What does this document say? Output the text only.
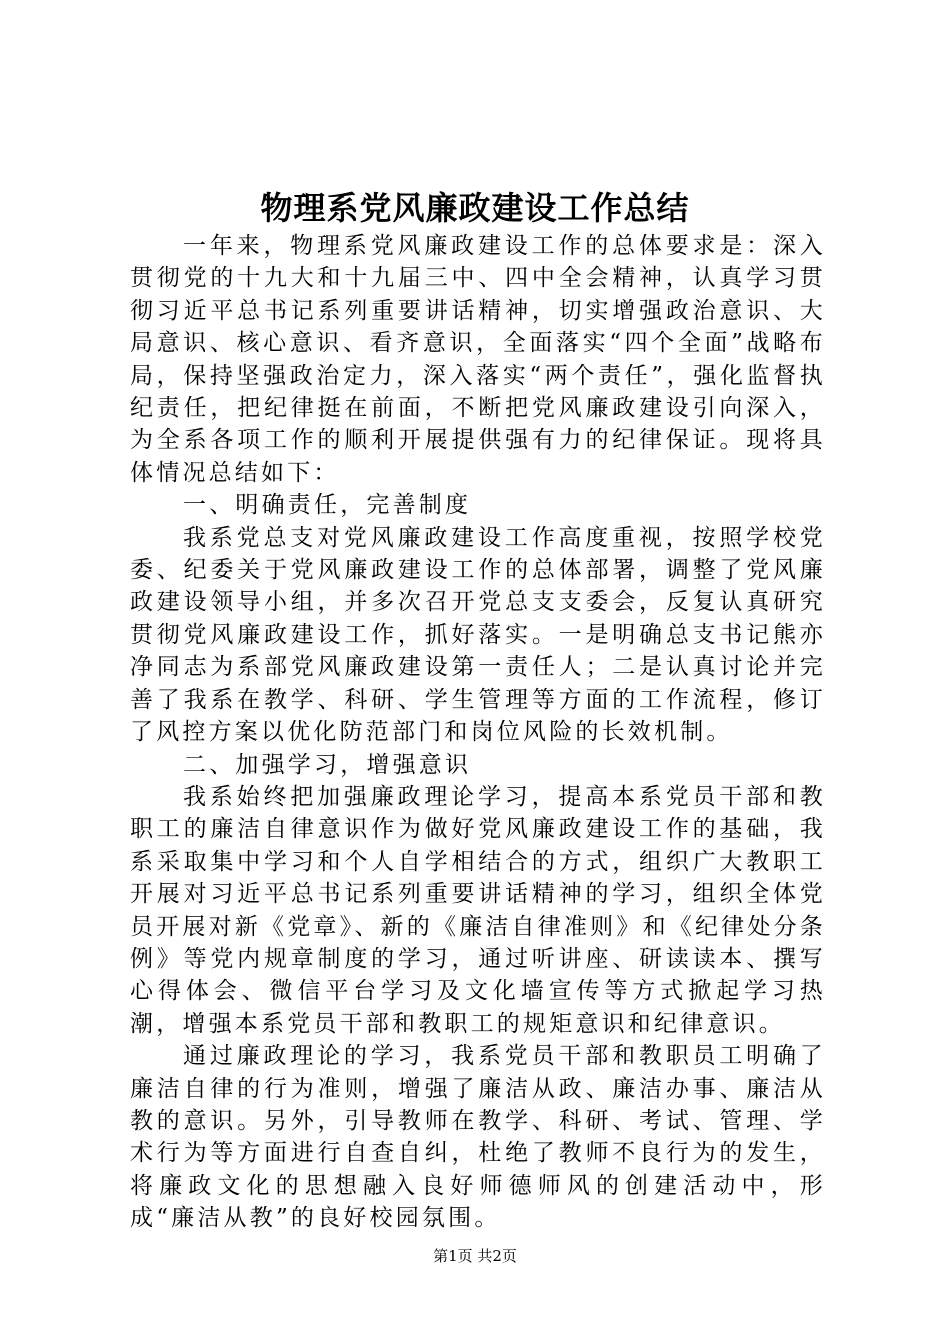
物理系党风廉政建设工作总结

一年来，物理系党风廉政建设工作的总体要求是：深入贯彻党的十九大和十九届三中、四中全会精神，认真学习贯彻习近平总书记系列重要讲话精神，切实增强政治意识、大局意识、核心意识、看齐意识，全面落实“四个全面”战略布局，保持坚强政治定力，深入落实“两个责任”，强化监督执纪责任，把纪律挺在前面，不断把党风廉政建设引向深入，为全系各项工作的顺利开展提供强有力的纪律保证。现将具体情况总结如下：

一、明确责任，完善制度

我系党总支对党风廉政建设工作高度重视，按照学校党委、纪委关于党风廉政建设工作的总体部署，调整了党风廉政建设领导小组，并多次召开党总支支委会，反复认真研究贯彻党风廉政建设工作，抓好落实。一是明确总支书记熊亦净同志为系部党风廉政建设第一责任人；二是认真讨论并完善了我系在教学、科研、学生管理等方面的工作流程，修订了风控方案以优化防范部门和岗位风险的长效机制。

二、加强学习，增强意识

我系始终把加强廉政理论学习，提高本系党员干部和教职工的廉洁自律意识作为做好党风廉政建设工作的基础，我系采取集中学习和个人自学相结合的方式，组织广大教职工开展对习近平总书记系列重要讲话精神的学习，组织全体党员开展对新《党章》、新的《廉洁自律准则》和《纪律处分条例》等党内规章制度的学习，通过听讲座、研读读本、撰写心得体会、微信平台学习及文化墙宣传等方式掀起学习热潮，增强本系党员干部和教职工的规矩意识和纪律意识。

通过廉政理论的学习，我系党员干部和教职员工明确了廉洁自律的行为准则，增强了廉洁从政、廉洁办事、廉洁从教的意识。另外，引导教师在教学、科研、考试、管理、学术行为等方面进行自查自纠，杜绝了教师不良行为的发生，将廉政文化的思想融入良好师德师风的创建活动中，形成“廉洁从教”的良好校园氛围。

第1页 共2页
